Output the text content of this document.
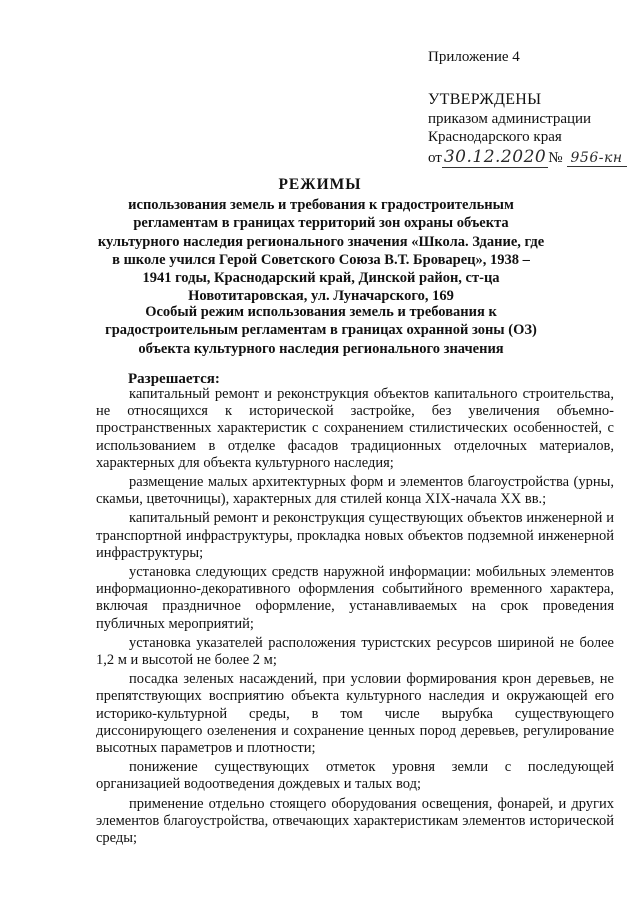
Приложение 4
УТВЕРЖДЕНЫ
приказом администрации
Краснодарского края
от 30.12.2020 № 956-кн
РЕЖИМЫ
использования земель и требования к градостроительным регламентам в границах территорий зон охраны объекта культурного наследия регионального значения «Школа. Здание, где в школе учился Герой Советского Союза В.Т. Броварец», 1938 – 1941 годы, Краснодарский край, Динской район, ст-ца Новотитаровская, ул. Луначарского, 169
Особый режим использования земель и требования к градостроительным регламентам в границах охранной зоны (ОЗ) объекта культурного наследия регионального значения
Разрешается:

капитальный ремонт и реконструкция объектов капитального строительства, не относящихся к исторической застройке, без увеличения объемно-пространственных характеристик с сохранением стилистических особенностей, с использованием в отделке фасадов традиционных отделочных материалов, характерных для объекта культурного наследия;

размещение малых архитектурных форм и элементов благоустройства (урны, скамьи, цветочницы), характерных для стилей конца XIX-начала XX вв.;

капитальный ремонт и реконструкция существующих объектов инженерной и транспортной инфраструктуры, прокладка новых объектов подземной инженерной инфраструктуры;

установка следующих средств наружной информации: мобильных элементов информационно-декоративного оформления событийного временного характера, включая праздничное оформление, устанавливаемых на срок проведения публичных мероприятий;

установка указателей расположения туристских ресурсов шириной не более 1,2 м и высотой не более 2 м;

посадка зеленых насаждений, при условии формирования крон деревьев, не препятствующих восприятию объекта культурного наследия и окружающей его историко-культурной среды, в том числе вырубка существующего диссонирующего озеленения и сохранение ценных пород деревьев, регулирование высотных параметров и плотности;

понижение существующих отметок уровня земли с последующей организацией водоотведения дождевых и талых вод;

применение отдельно стоящего оборудования освещения, фонарей, и других элементов благоустройства, отвечающих характеристикам элементов исторической среды;
